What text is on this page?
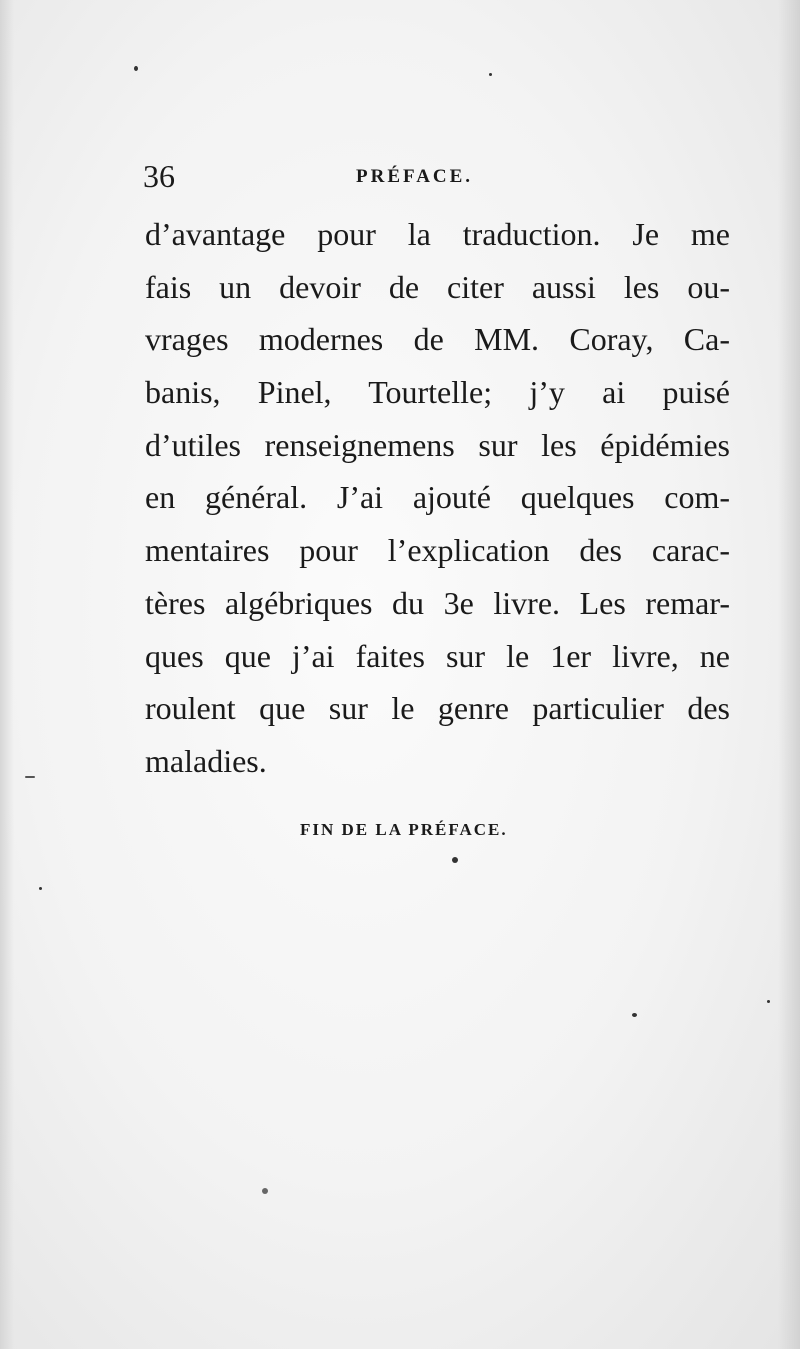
36	PRÉFACE.
d’avantage pour la traduction. Je me
fais un devoir de citer aussi les ou-
vrages modernes de MM. Coray, Ca-
banis, Pinel, Tourtelle; j’y ai puisé
d’utiles renseignemens sur les épidémies
en général. J’ai ajouté quelques com-
mentaires pour l’explication des carac-
tères algébriques du 3e livre. Les remar-
ques que j’ai faites sur le 1er livre, ne
roulent que sur le genre particulier des
maladies.
FIN DE LA PRÉFACE.
